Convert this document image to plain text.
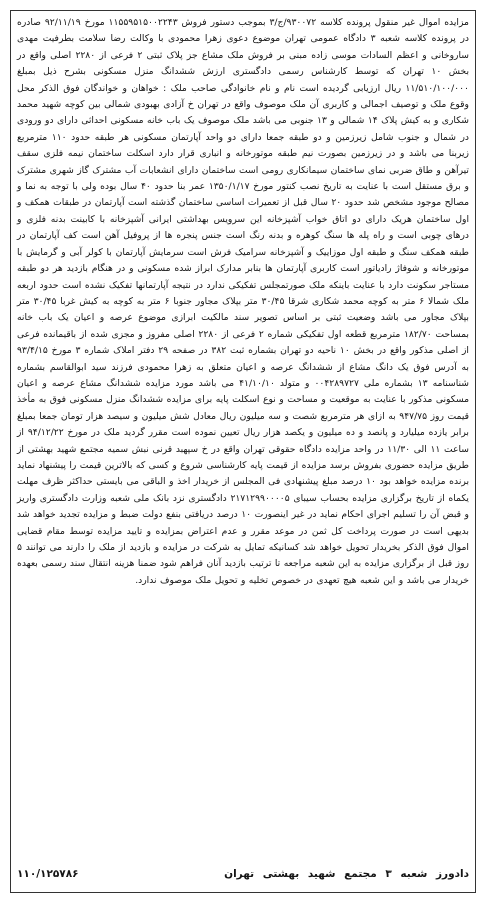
مزایده اموال غیر منقول پرونده کلاسه ۹۳۰۰۷۲/ج/۳ بموجب دستور فروش ۱۱۵۵۹۵۱۵۰۰۲۲۴۳ مورخ ۹۲/۱۱/۱۹ صادره در پرونده کلاسه شعبه ۳ دادگاه عمومی تهران موضوع دعوی زهرا محمودی با وکالت رضا سلامت بطرفیت مهدی ساروخانی و اعظم السادات موسی زاده مبنی بر فروش ملک مشاع جز پلاک ثبتی ۲ فرعی از ۲۲۸۰ اصلی واقع در بخش ۱۰ تهران که توسط کارشناس رسمی دادگستری ارزش ششدانگ منزل مسکونی بشرح ذیل بمبلغ ۱۱/۵۱۰/۱۰۰/۰۰۰ ریال ارزیابی گردیده است نام و نام خانوادگی صاحب ملک : خواهان و خواندگان فوق الذکر محل وقوع ملک و توصیف اجمالی و کاربری آن ملک موصوف واقع در تهران خ آزادی بهبودی شمالی بین کوچه شهید محمد شکاری و به کیش پلاک ۱۴ شمالی و ۱۳ جنوبی می باشد ملک موصوف یک باب خانه مسکونی احداثی دارای دو ورودی در شمال و جنوب شامل زیرزمین و دو طبقه جمعا دارای دو واحد آپارتمان مسکونی هر طبقه حدود ۱۱۰ مترمربع زیربنا می باشد و در زیرزمین بصورت نیم طبقه موتورخانه و انباری قرار دارد اسکلت ساختمان نیمه فلزی سقف تیرآهن و طاق ضربی نمای ساختمان سیمانکاری رومی است ساختمان دارای انشعابات آب مشترک گاز شهری مشترک و برق مستقل است با عنایت به تاریخ نصب کنتور مورخ ۱۳۵۰/۱/۱۷ عمر بنا حدود ۴۰ سال بوده ولی با توجه به نما و مصالح موجود مشخص شد حدود ۲۰ سال قبل از تعمیرات اساسی ساختمان گذشته است آپارتمان در طبقات همکف و اول ساختمان هریک دارای دو اتاق خواب آشپزخانه این سرویس بهداشتی ایرانی آشپزخانه با کابینت بدنه فلزی و درهای چوبی است و راه پله ها سنگ کوهره و بدنه رنگ است جنس پنجره ها از پروفیل آهن است کف آپارتمان در طبقه همکف سنگ و طبقه اول موزاییک و آشپزخانه سرامیک فرش است سرمایش آپارتمان با کولر آبی و گرمایش با موتورخانه و شوفاژ رادیاتور است کاربری آپارتمان ها بنابر مدارک ابراز شده مسکونی و در هنگام بازدید هر دو طبقه مستاجر سکونت دارد با عنایت باینکه ملک صورتمجلس تفکیکی ندارد در نتیجه آپارتمانها تفکیک نشده است حدود اربعه ملک شمالا ۶ متر به کوچه محمد شکاری شرقا ۳۰/۴۵ متر بپلاک مجاور جنوبا ۶ متر به کوچه به کیش غربا ۳۰/۴۵ متر بپلاک مجاور می باشد وضعیت ثبتی بر اساس تصویر سند مالکیت ابرازی موضوع عرصه و اعیان یک باب خانه بمساحت ۱۸۲/۷۰ مترمربع قطعه اول تفکیکی شماره ۲ فرعی از ۲۲۸۰ اصلی مفروز و مجزی شده از باقیمانده فرعی از اصلی مذکور واقع در بخش ۱۰ ناحیه دو تهران بشماره ثبت ۳۸۲ در صفحه ۲۹ دفتر املاک شماره ۳ مورخ ۹۳/۴/۱۵ به آدرس فوق یک دانگ مشاع از ششدانگ عرصه و اعیان متعلق به زهرا محمودی فرزند سید ابوالقاسم بشماره شناسنامه ۱۳ بشماره ملی ۰۰۴۲۸۹۷۲۷ و متولد ۴۱/۱۰/۱۰ می باشد مورد مزایده ششدانگ مشاع عرصه و اعیان مسکونی مذکور با عنایت به موقعیت و مساحت و نوع اسکلت پایه برای مزایده ششدانگ منزل مسکونی فوق به مأخذ قیمت روز ۹۴۷/۷۵ به ازای هر مترمربع شصت و سه میلیون ریال معادل شش میلیون و سیصد هزار تومان جمعا بمبلغ برابر یازده میلیارد و پانصد و ده میلیون و یکصد هزار ریال تعیین نموده است مقرر گردید ملک در مورخ ۹۴/۱۲/۲۲ از ساعت ۱۱ الی ۱۱/۳۰ در واحد مزایده دادگاه حقوقی تهران واقع در خ سپهبد قرنی نبش سمیه مجتمع شهید بهشتی از طریق مزایده حضوری بفروش برسد مزایده از قیمت پایه کارشناسی شروع و کسی که بالاترین قیمت را پیشنهاد نماید برنده مزایده خواهد بود ۱۰ درصد مبلغ پیشنهادی فی المجلس از خریدار اخذ و الباقی می بایستی حداکثر ظرف مهلت یکماه از تاریخ برگزاری مزایده بحساب سیبای ۲۱۷۱۲۹۹۰۰۰۰۵ دادگستری نزد بانک ملی شعبه وزارت دادگستری واریز و قبض آن را تسلیم اجرای احکام نماید در غیر اینصورت ۱۰ درصد دریافتی بنفع دولت ضبط و مزایده تجدید خواهد شد بدیهی است در صورت پرداخت کل ثمن در موعد مقرر و عدم اعتراض بمزایده و تایید مزایده توسط مقام قضایی اموال فوق الذکر بخریدار تحویل خواهد شد کسانیکه تمایل به شرکت در مزایده و بازدید از ملک را دارند می توانند ۵ روز قبل از برگزاری مزایده به این شعبه مراجعه تا ترتیب بازدید آنان فراهم شود ضمنا هزینه انتقال سند رسمی بعهده خریدار می باشد و این شعبه هیچ تعهدی در خصوص تخلیه و تحویل ملک موصوف ندارد.

دادورز شعبه ۳ مجتمع شهید بهشتی تهران
۱۱۰/۱۲۵۷۸۶
